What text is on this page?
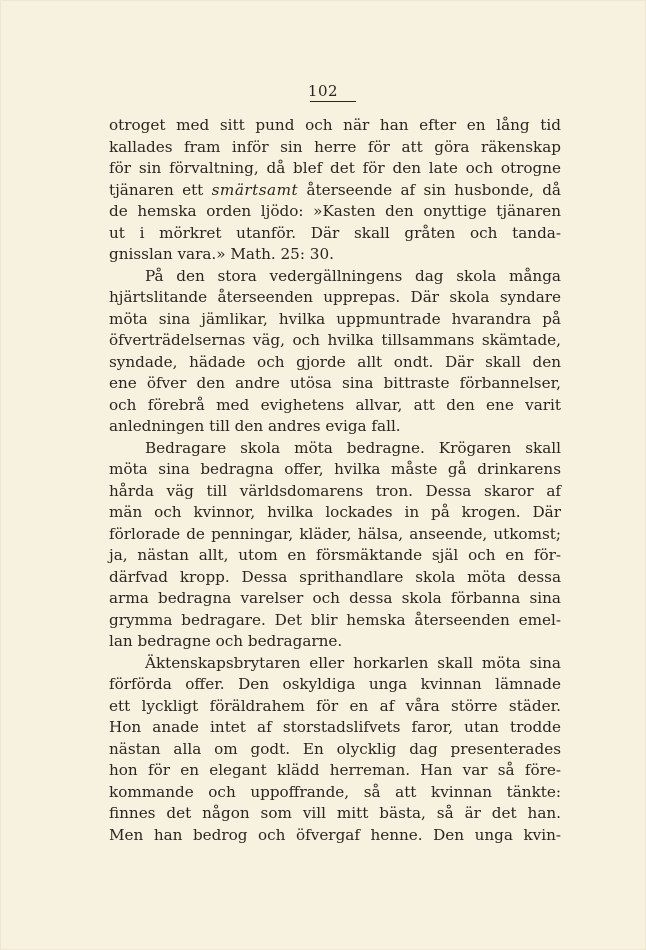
102
otroget med sitt pund och när han efter en lång tid
kallades fram inför sin herre för att göra räkenskap
för sin förvaltning, då blef det för den late och otrogne
tjänaren ett smärtsamt återseende af sin husbonde, då
de hemska orden ljödo: »Kasten den onyttige tjänaren
ut i mörkret utanför. Där skall gråten och tanda-
gnisslan vara.» Math. 25: 30.
På den stora vedergällningens dag skola många
hjärtslitande återseenden upprepas. Där skola syndare
möta sina jämlikar, hvilka uppmuntrade hvarandra på
öfverträdelsernas väg, och hvilka tillsammans skämtade,
syndade, hädade och gjorde allt ondt. Där skall den
ene öfver den andre utösa sina bittraste förbannelser,
och förebrå med evighetens allvar, att den ene varit
anledningen till den andres eviga fall.
Bedragare skola möta bedragne. Krögaren skall
möta sina bedragna offer, hvilka måste gå drinkarens
hårda väg till världsdomarens tron. Dessa skaror af
män och kvinnor, hvilka lockades in på krogen. Där
förlorade de penningar, kläder, hälsa, anseende, utkomst;
ja, nästan allt, utom en försmäktande själ och en för-
därfvad kropp. Dessa sprithandlare skola möta dessa
arma bedragna varelser och dessa skola förbanna sina
grymma bedragare. Det blir hemska återseenden emel-
lan bedragne och bedragarne.
Äktenskapsbrytaren eller horkarlen skall möta sina
förförda offer. Den oskyldiga unga kvinnan lämnade
ett lyckligt föräldrahem för en af våra större städer.
Hon anade intet af storstadslifvets faror, utan trodde
nästan alla om godt. En olycklig dag presenterades
hon för en elegant klädd herreman. Han var så före-
kommande och uppoffrande, så att kvinnan tänkte:
finnes det någon som vill mitt bästa, så är det han.
Men han bedrog och öfvergaf henne. Den unga kvin-
